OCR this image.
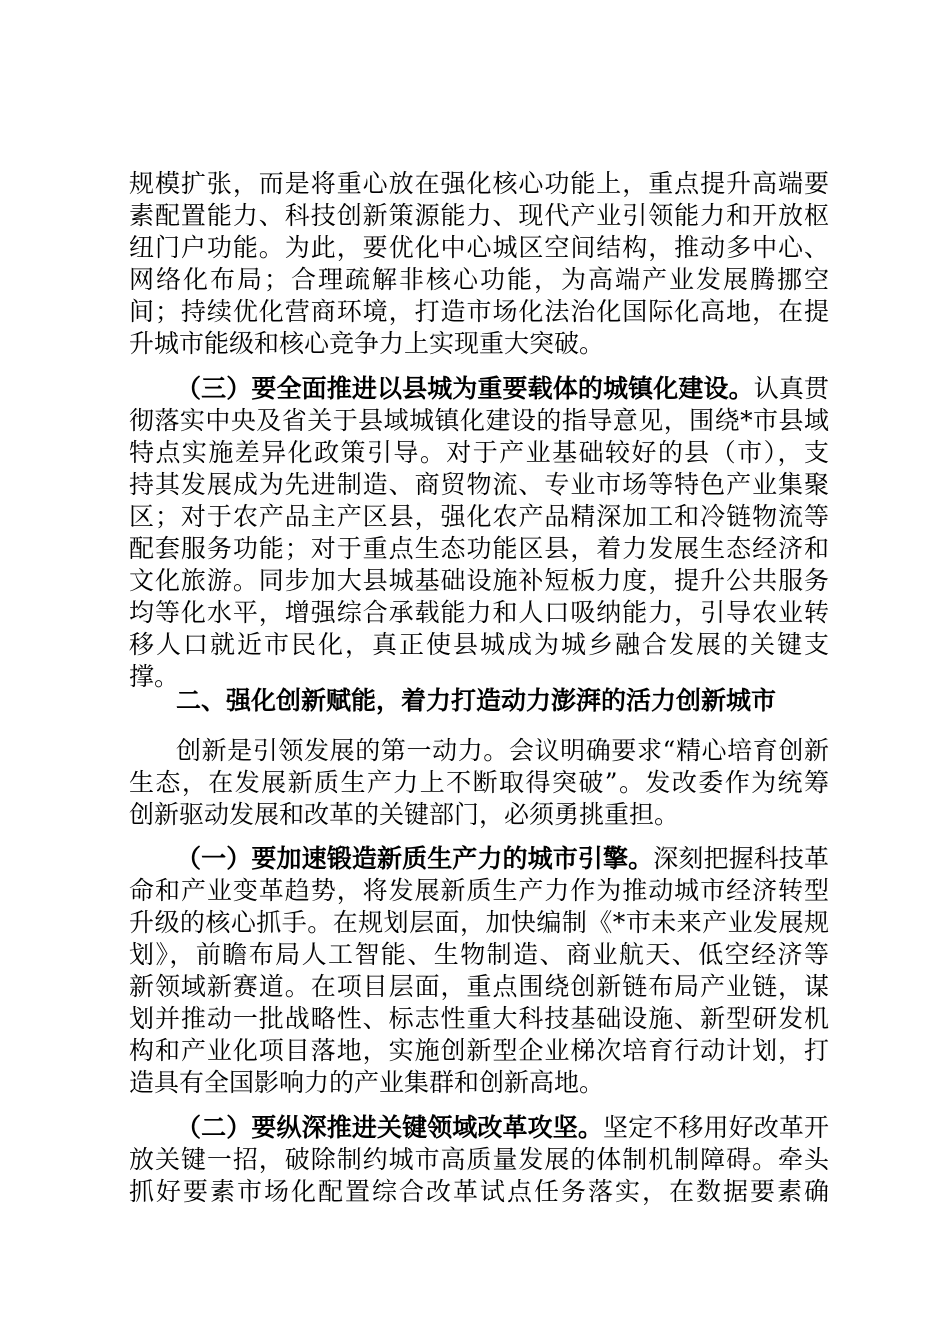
规模扩张，而是将重心放在强化核心功能上，重点提升高端要
素配置能力、科技创新策源能力、现代产业引领能力和开放枢
纽门户功能。为此，要优化中心城区空间结构，推动多中心、
网络化布局；合理疏解非核心功能，为高端产业发展腾挪空
间；持续优化营商环境，打造市场化法治化国际化高地，在提
升城市能级和核心竞争力上实现重大突破。
（三）要全面推进以县城为重要载体的城镇化建设。认真贯
彻落实中央及省关于县域城镇化建设的指导意见，围绕*市县域
特点实施差异化政策引导。对于产业基础较好的县（市），支
持其发展成为先进制造、商贸物流、专业市场等特色产业集聚
区；对于农产品主产区县，强化农产品精深加工和冷链物流等
配套服务功能；对于重点生态功能区县，着力发展生态经济和
文化旅游。同步加大县城基础设施补短板力度，提升公共服务
均等化水平，增强综合承载能力和人口吸纳能力，引导农业转
移人口就近市民化，真正使县城成为城乡融合发展的关键支
撑。
二、强化创新赋能，着力打造动力澎湃的活力创新城市
创新是引领发展的第一动力。会议明确要求“精心培育创新
生态，在发展新质生产力上不断取得突破”。发改委作为统筹
创新驱动发展和改革的关键部门，必须勇挑重担。
（一）要加速锻造新质生产力的城市引擎。深刻把握科技革
命和产业变革趋势，将发展新质生产力作为推动城市经济转型
升级的核心抓手。在规划层面，加快编制《*市未来产业发展规
划》，前瞻布局人工智能、生物制造、商业航天、低空经济等
新领域新赛道。在项目层面，重点围绕创新链布局产业链，谋
划并推动一批战略性、标志性重大科技基础设施、新型研发机
构和产业化项目落地，实施创新型企业梯次培育行动计划，打
造具有全国影响力的产业集群和创新高地。
（二）要纵深推进关键领域改革攻坚。坚定不移用好改革开
放关键一招，破除制约城市高质量发展的体制机制障碍。牵头
抓好要素市场化配置综合改革试点任务落实，在数据要素确
